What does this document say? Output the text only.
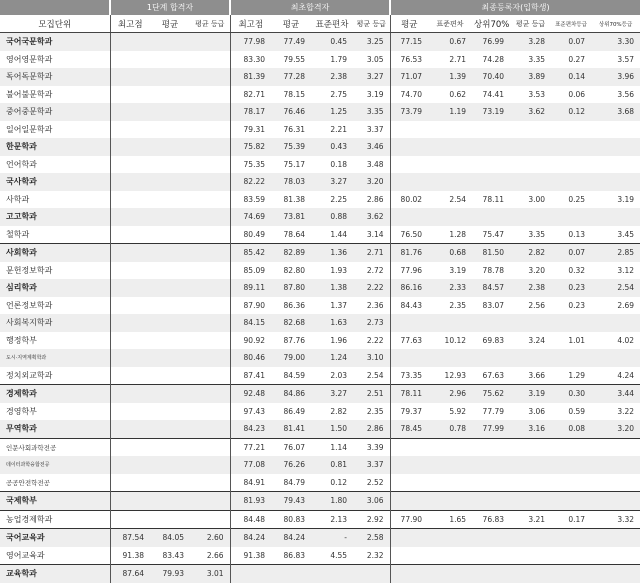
	1단계 합격자			최초합격자				최종등록자(입학생)					
모집단위	최고점	평균	평균 등급	최고점	평균	표준편차	평균 등급	평균	표준편차	상위70%	평균 등급	표준편차등급	상위70%등급
국어국문학과				77.98	77.49	0.45	3.25	77.15	0.67	76.99	3.28	0.07	3.30
영어영문학과				83.30	79.55	1.79	3.05	76.53	2.71	74.28	3.35	0.27	3.57
독어독문학과				81.39	77.28	2.38	3.27	71.07	1.39	70.40	3.89	0.14	3.96
불어불문학과				82.71	78.15	2.75	3.19	74.70	0.62	74.41	3.53	0.06	3.56
중어중문학과				78.17	76.46	1.25	3.35	73.79	1.19	73.19	3.62	0.12	3.68
일어일문학과				79.31	76.31	2.21	3.37						
한문학과				75.82	75.39	0.43	3.46						
언어학과				75.35	75.17	0.18	3.48						
국사학과				82.22	78.03	3.27	3.20						
사학과				83.59	81.38	2.25	2.86	80.02	2.54	78.11	3.00	0.25	3.19
고고학과				74.69	73.81	0.88	3.62						
철학과				80.49	78.64	1.44	3.14	76.50	1.28	75.47	3.35	0.13	3.45
사회학과				85.42	82.89	1.36	2.71	81.76	0.68	81.50	2.82	0.07	2.85
문헌정보학과				85.09	82.80	1.93	2.72	77.96	3.19	78.78	3.20	0.32	3.12
심리학과				89.11	87.80	1.38	2.22	86.16	2.33	84.57	2.38	0.23	2.54
언론정보학과				87.90	86.36	1.37	2.36	84.43	2.35	83.07	2.56	0.23	2.69
사회복지학과				84.15	82.68	1.63	2.73						
행정학부				90.92	87.76	1.96	2.22	77.63	10.12	69.83	3.24	1.01	4.02
도시·지역계획학과				80.46	79.00	1.24	3.10						
정치외교학과				87.41	84.59	2.03	2.54	73.35	12.93	67.63	3.66	1.29	4.24
경제학과				92.48	84.86	3.27	2.51	78.11	2.96	75.62	3.19	0.30	3.44
경영학부				97.43	86.49	2.82	2.35	79.37	5.92	77.79	3.06	0.59	3.22
무역학과				84.23	81.41	1.50	2.86	78.45	0.78	77.99	3.16	0.08	3.20
인문사회과학전공				77.21	76.07	1.14	3.39						
데이터과학융합전공				77.08	76.26	0.81	3.37						
공공안전학전공				84.91	84.79	0.12	2.52						
국제학부				81.93	79.43	1.80	3.06						
농업경제학과				84.48	80.83	2.13	2.92	77.90	1.65	76.83	3.21	0.17	3.32
국어교육과	87.54	84.05	2.60	84.24	84.24	-	2.58						
영어교육과	91.38	83.43	2.66	91.38	86.83	4.55	2.32						
교육학과	87.64	79.93	3.01										
